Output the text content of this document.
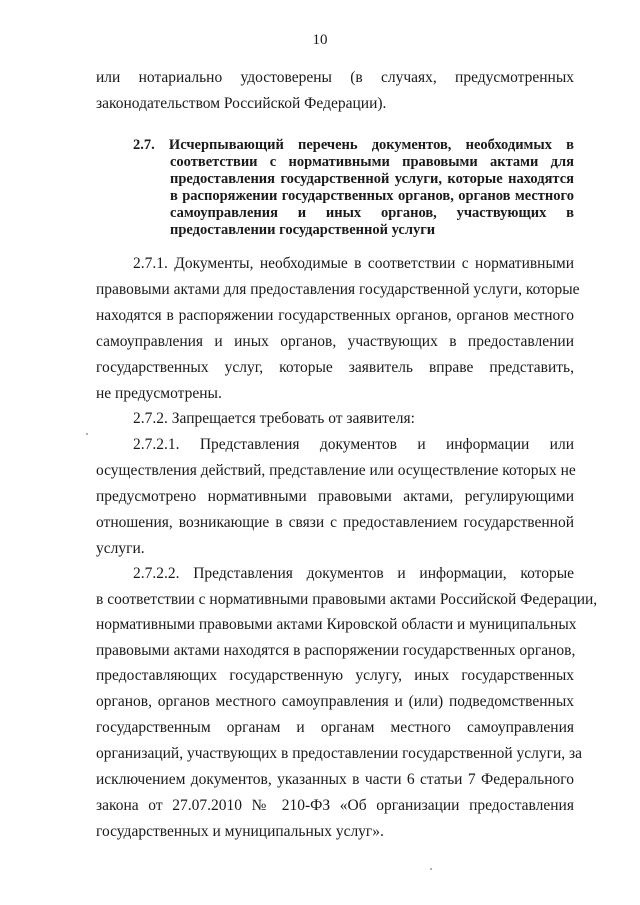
10
или нотариально удостоверены (в случаях, предусмотренных
законодательством Российской Федерации).
2.7. Исчерпывающий перечень документов, необходимых в
соответствии с нормативными правовыми актами для
предоставления государственной услуги, которые находятся
в распоряжении государственных органов, органов местного
самоуправления и иных органов, участвующих в
предоставлении государственной услуги
2.7.1. Документы, необходимые в соответствии с нормативными
правовыми актами для предоставления государственной услуги, которые
находятся в распоряжении государственных органов, органов местного
самоуправления и иных органов, участвующих в предоставлении
государственных услуг, которые заявитель вправе представить,
не предусмотрены.
2.7.2. Запрещается требовать от заявителя:
2.7.2.1. Представления документов и информации или
осуществления действий, представление или осуществление которых не
предусмотрено нормативными правовыми актами, регулирующими
отношения, возникающие в связи с предоставлением государственной
услуги.
2.7.2.2. Представления документов и информации, которые
в соответствии с нормативными правовыми актами Российской Федерации,
нормативными правовыми актами Кировской области и муниципальных
правовыми актами находятся в распоряжении государственных органов,
предоставляющих государственную услугу, иных государственных
органов, органов местного самоуправления и (или) подведомственных
государственным органам и органам местного самоуправления
организаций, участвующих в предоставлении государственной услуги, за
исключением документов, указанных в части 6 статьи 7 Федерального
закона от 27.07.2010 № 210-ФЗ «Об организации предоставления
государственных и муниципальных услуг».
